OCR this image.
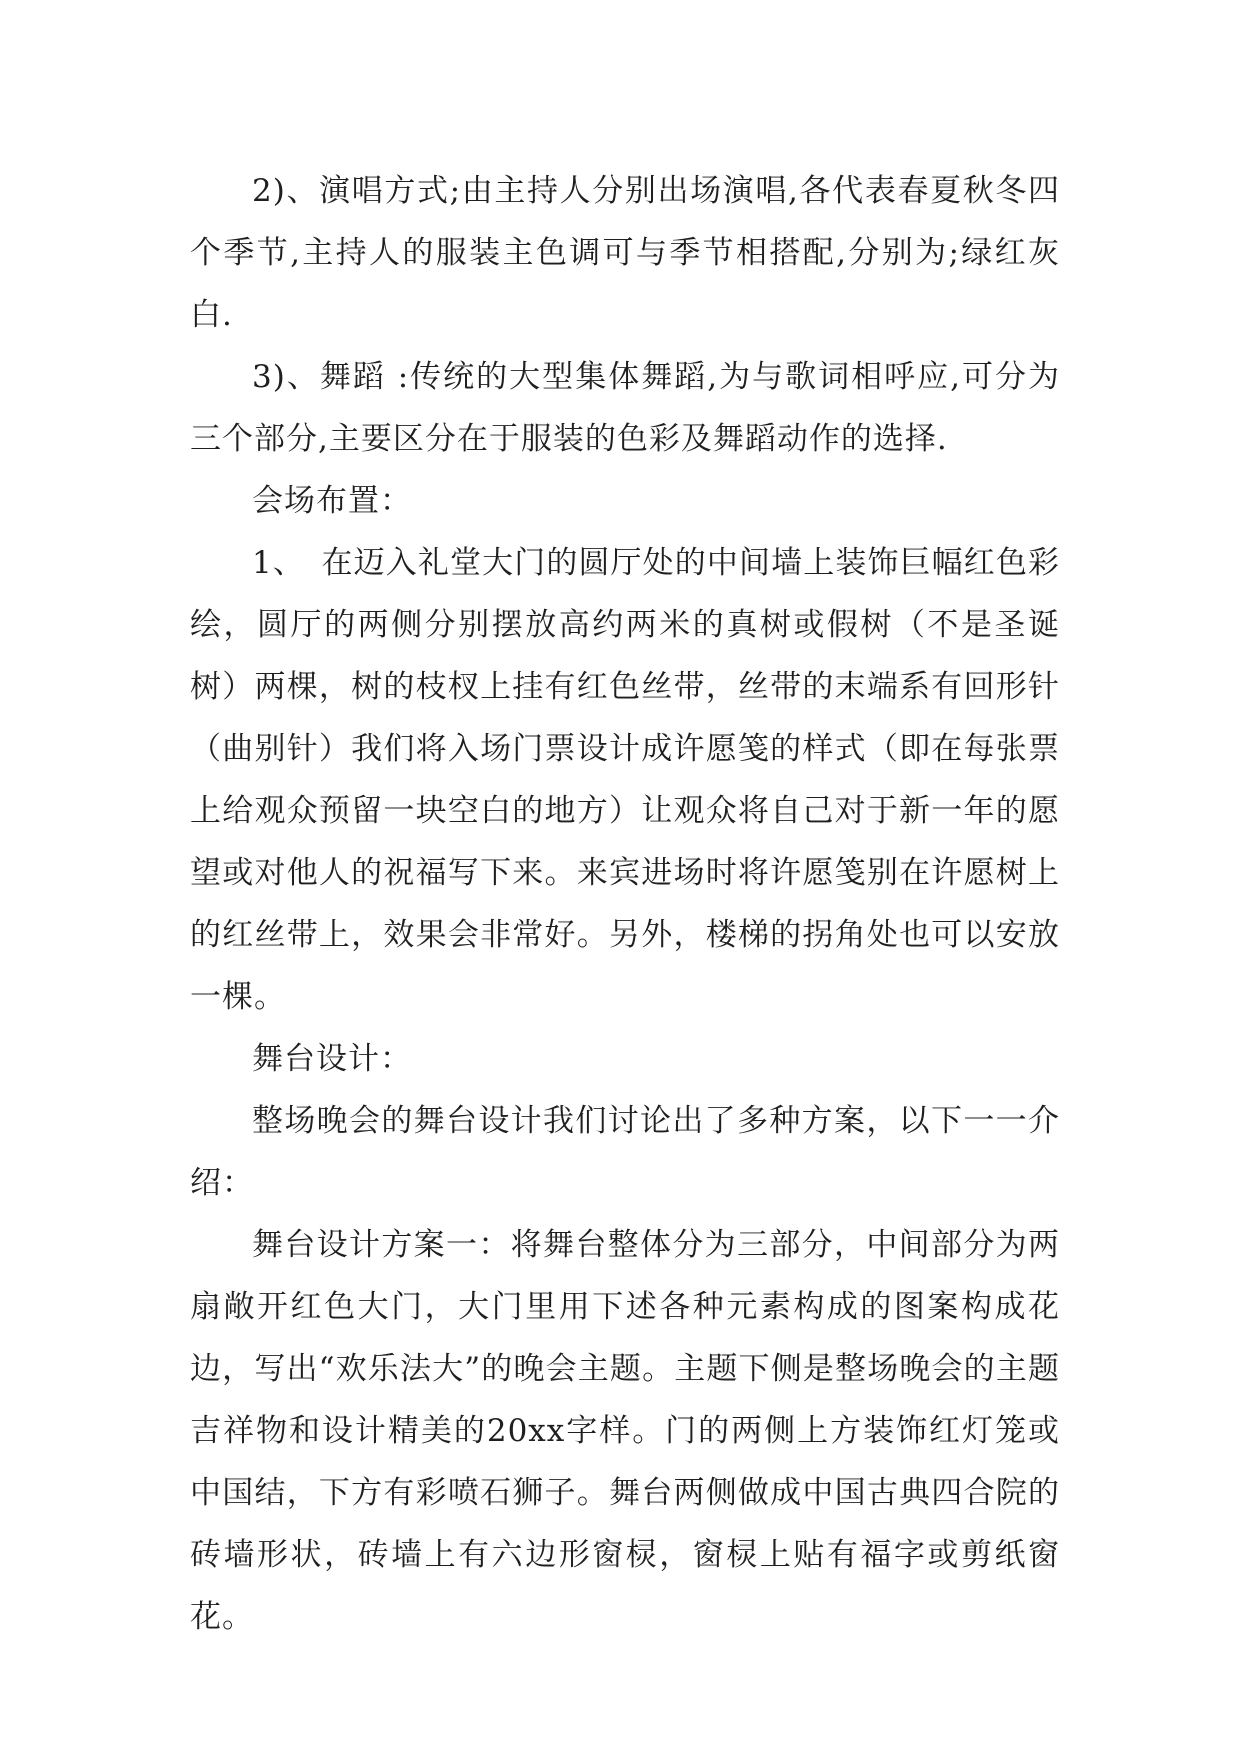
2)、演唱方式;由主持人分别出场演唱,各代表春夏秋冬四个季节,主持人的服装主色调可与季节相搭配,分别为;绿红灰白.

3)、舞蹈 :传统的大型集体舞蹈,为与歌词相呼应,可分为三个部分,主要区分在于服装的色彩及舞蹈动作的选择.

会场布置：

1、　在迈入礼堂大门的圆厅处的中间墙上装饰巨幅红色彩绘，圆厅的两侧分别摆放高约两米的真树或假树（不是圣诞树）两棵，树的枝杈上挂有红色丝带，丝带的末端系有回形针（曲别针）我们将入场门票设计成许愿笺的样式（即在每张票上给观众预留一块空白的地方）让观众将自己对于新一年的愿望或对他人的祝福写下来。来宾进场时将许愿笺别在许愿树上的红丝带上，效果会非常好。另外，楼梯的拐角处也可以安放一棵。

舞台设计：

整场晚会的舞台设计我们讨论出了多种方案，以下一一介绍：

舞台设计方案一：将舞台整体分为三部分，中间部分为两扇敞开红色大门，大门里用下述各种元素构成的图案构成花边，写出“欢乐法大”的晚会主题。主题下侧是整场晚会的主题吉祥物和设计精美的20xx字样。门的两侧上方装饰红灯笼或中国结，下方有彩喷石狮子。舞台两侧做成中国古典四合院的砖墙形状，砖墙上有六边形窗棂，窗棂上贴有福字或剪纸窗花。
